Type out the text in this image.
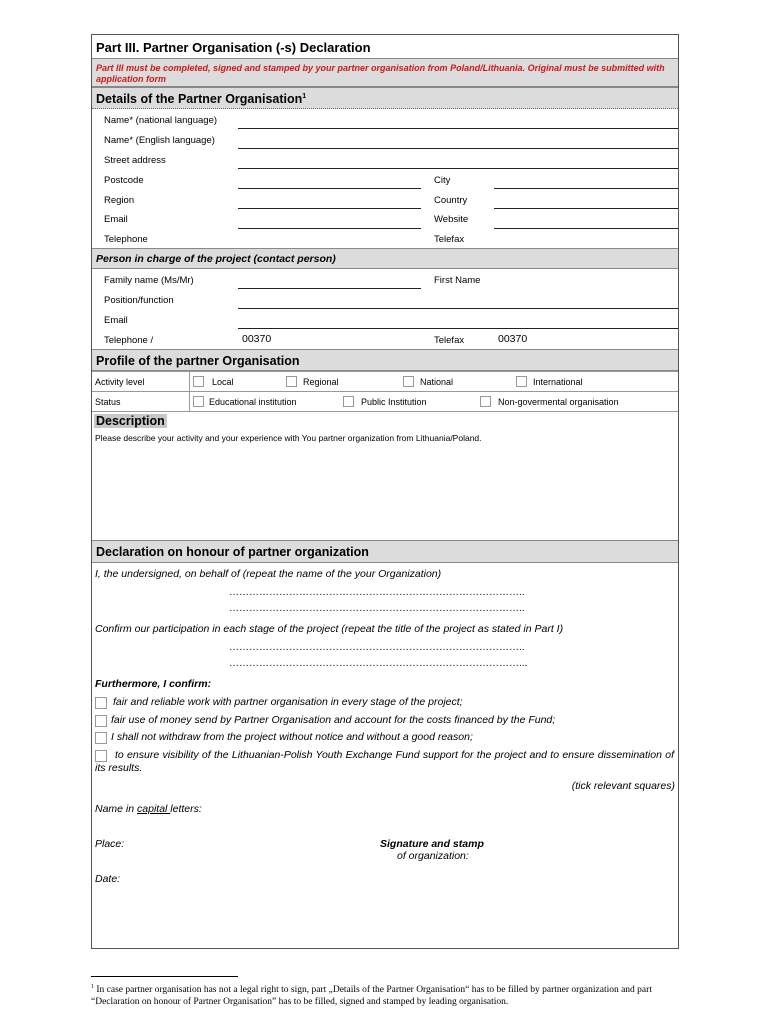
Part III. Partner Organisation (-s) Declaration
Part III must be completed, signed and stamped by your partner organisation from Poland/Lithuania. Original must be submitted with application form
Details of the Partner Organisation$^1$
Name* (national language)
Name* (English language)
Street address
Postcode	City
Region	Country
Email	Website
Telephone	Telefax
Person in charge of the project (contact person)
Family name (Ms/Mr)	First Name
Position/function
Email
Telephone /	00370	Telefax	00370
Profile of the partner Organisation
Activity level	Local	Regional	National	International
Status	Educational institution	Public Institution	Non-govermental organisation
Description
Please describe your activity and your experience with You partner organization from Lithuania/Poland.
Declaration on honour of partner organization
I, the undersigned, on behalf of (repeat the name of the your Organization)
……………………………………………………………………………..
……………………………………………………………………………..
Confirm our participation in each stage of the project (repeat the title of the project as stated in Part I)
……………………………………………………………………………..
……………………………………………………………………………...
Furthermore, I confirm:
fair and reliable work with partner organisation in every stage of the project;
fair use of money send by Partner Organisation and account for the costs financed by the Fund;
I shall not withdraw from the project without notice and without a good reason;
to ensure visibility of the Lithuanian-Polish Youth Exchange Fund support for the project and to ensure dissemination of its results.
(tick relevant squares)
Name in capital letters:
Place:	Signature and stamp
of organization:
Date:
$^1$ In case partner organisation has not a legal right to sign, part „Details of the Partner Organisation“ has to be filled by partner organization and part “Declaration on honour of Partner Organisation” has to be filled, signed and stamped by leading organisation.
